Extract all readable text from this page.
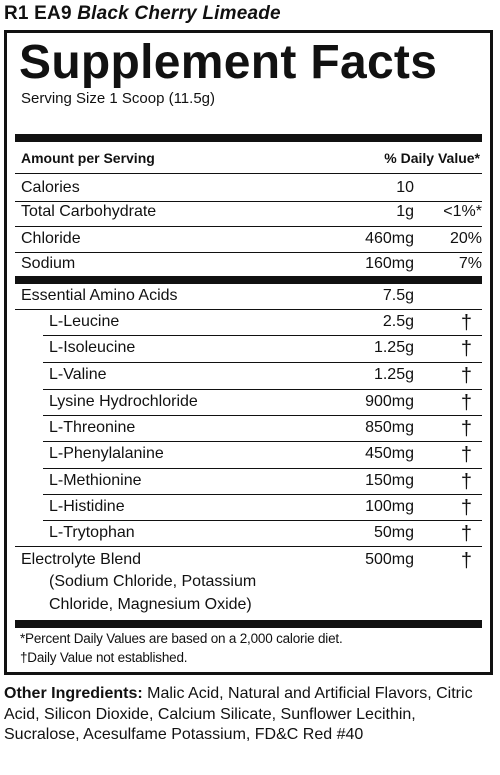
R1 EA9 Black Cherry Limeade
Supplement Facts
Serving Size 1 Scoop (11.5g)
Amount per Serving	% Daily Value*
Calories	10
Total Carbohydrate	1g <1%*
Chloride	460mg 20%
Sodium	160mg	7%
Essential Amino Acids	7.5g
L-Leucine	2.5g †
L-Isoleucine	1.25g †
L-Valine	1.25g †
Lysine Hydrochloride	900mg †
L-Threonine	850mg †
L-Phenylalanine	450mg †
L-Methionine	150mg †
L-Histidine	100mg †
L-Trytophan	50mg †
Electrolyte Blend	500mg †
(Sodium Chloride, Potassium
Chloride, Magnesium Oxide)
*Percent Daily Values are based on a 2,000 calorie diet.
†Daily Value not established.
Other Ingredients: Malic Acid, Natural and Artificial Flavors, Citric Acid, Silicon Dioxide, Calcium Silicate, Sunflower Lecithin, Sucralose, Acesulfame Potassium, FD&C Red #40
